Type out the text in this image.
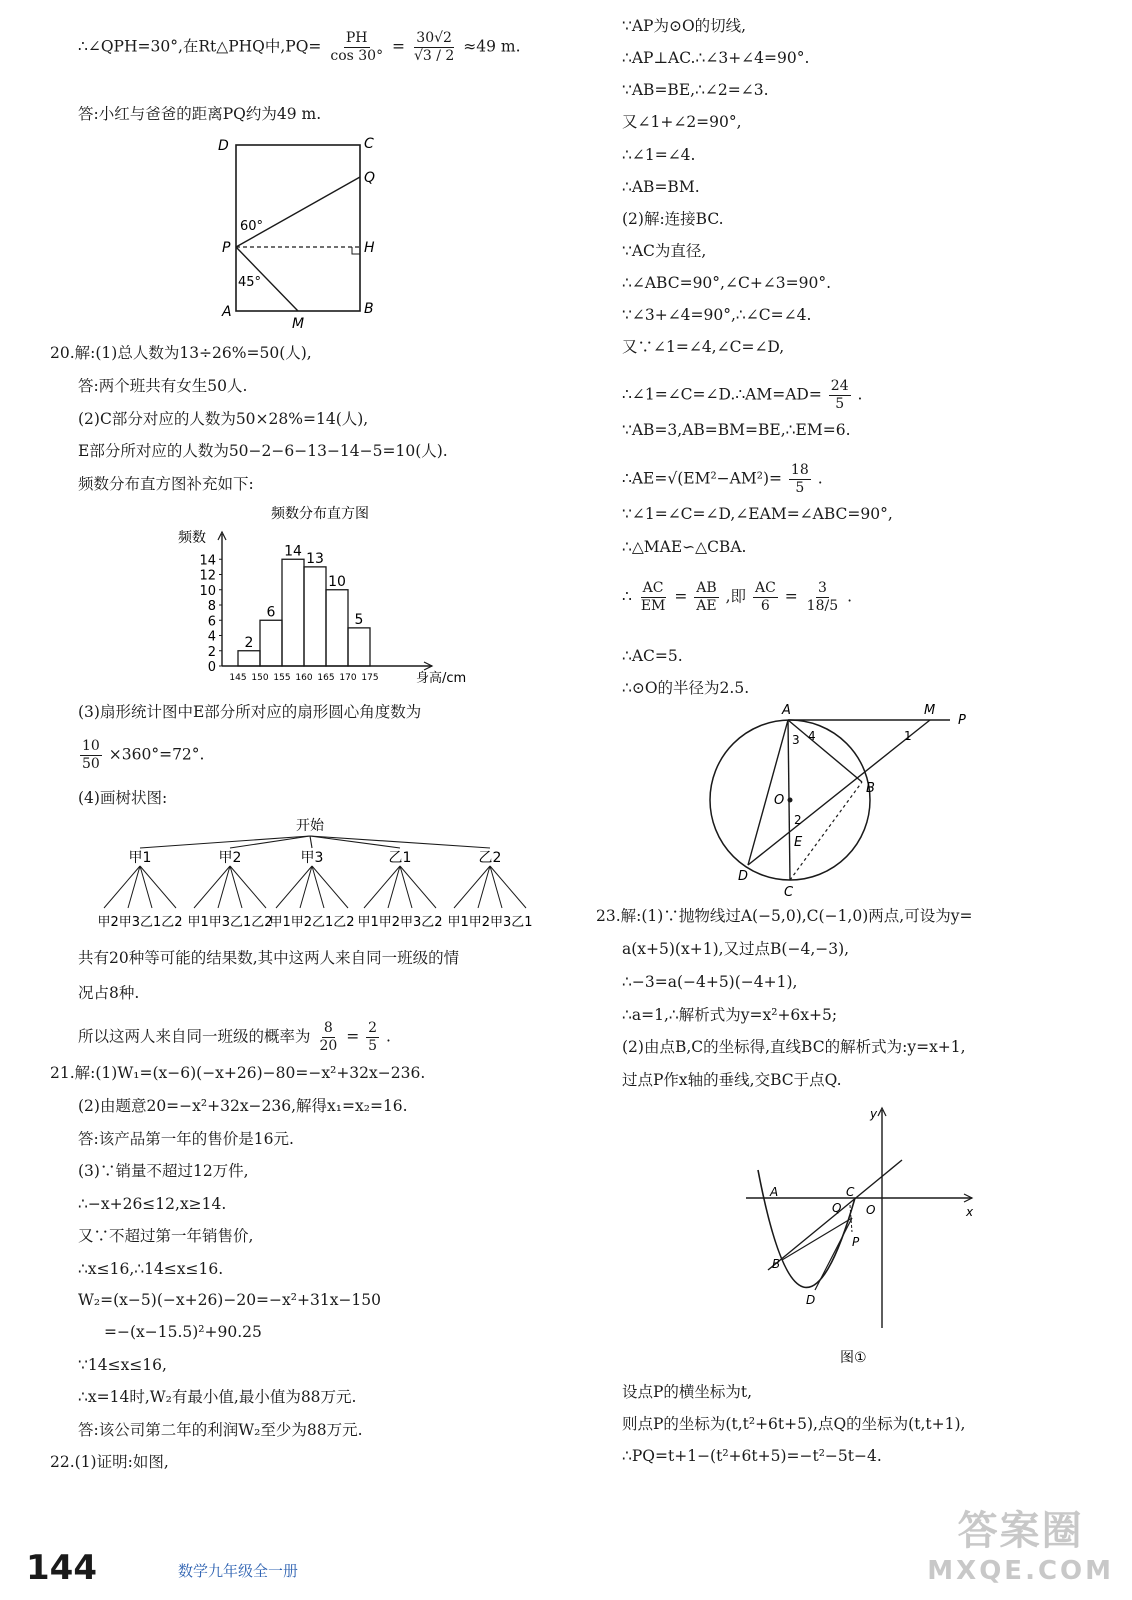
∴∠QPH=30°,在Rt△PHQ中$,PQ= \frac{PH}{\cos 30^\circ} = \frac{30√2}{√3 / 2} \approx 49$ m.
答:小红与爸爸的距离PQ约为49 m.
D	C
Q
P	H
A	B
M
60°
45°
20.解:(1)总人数为13÷26%=50(人),
答:两个班共有女生50人.
(2)C部分对应的人数为50×28%=14(人),
E部分所对应的人数为50−2−6−13−14−5=10(人).
频数分布直方图补充如下:
频数分布直方图
频数
身高/cm
0
2
4
6
8
10
12
14
2
6
14 13
10
5
145 150 155 160 165 170 175
(3)扇形统计图中E部分所对应的扇形圆心角度数为
$\frac{10}{50} \times 360^\circ=72^\circ$.
(4)画树状图:
开始
甲1
甲2甲3乙1乙2
甲2
甲1甲3乙1乙2
甲3
甲1甲2乙1乙2
乙1
甲1甲2甲3乙2
乙2
甲1甲2甲3乙1
共有20种等可能的结果数,其中这两人来自同一班级的情
况占8种.
所以这两人来自同一班级的概率为 $\frac{8}{20} = \frac{2}{5}$ .
21.解:(1)W₁=(x−6)(−x+26)−80=−x²+32x−236.
(2)由题意20=−x²+32x−236,解得x₁=x₂=16.
答:该产品第一年的售价是16元.
(3)∵销量不超过12万件,
∴−x+26≤12,x≥14.
又∵不超过第一年销售价,
∴x≤16,∴14≤x≤16.
W₂=(x−5)(−x+26)−20=−x²+31x−150
=−(x−15.5)²+90.25
∵14≤x≤16,
∴x=14时,W₂有最小值,最小值为88万元.
答:该公司第二年的利润W₂至少为88万元.
22.(1)证明:如图,
∵AP为⊙O的切线,
∴AP⊥AC.∴∠3+∠4=90°.
∵AB=BE,∴∠2=∠3.
又∠1+∠2=90°,
∴∠1=∠4.
∴AB=BM.
(2)解:连接BC.
∵AC为直径,
∴∠ABC=90°,∠C+∠3=90°.
∵∠3+∠4=90°,∴∠C=∠4.
又∵∠1=∠4,∠C=∠D,
∴∠1=∠C=∠D.∴AM=AD= $\frac{24}{5}$ .
∵AB=3,AB=BM=BE,∴EM=6.
∴AE=√(EM²−AM²)= $\frac{18}{5}$ .
∵∠1=∠C=∠D,∠EAM=∠ABC=90°,
∴△MAE∽△CBA.
∴ $\frac{AC}{EM} = \frac{AB}{AE}$ ,即 $\frac{AC}{6} = \frac{3}{18/5}$ .
∴AC=5.
∴⊙O的半径为2.5.
A	M
P
B
O
E
D
C
1
2
3 4
23.解:(1)∵抛物线过A(−5,0),C(−1,0)两点,可设为y=
a(x+5)(x+1),又过点B(−4,−3),
∴−3=a(−4+5)(−4+1),
∴a=1,∴解析式为y=x²+6x+5;
(2)由点B,C的坐标得,直线BC的解析式为:y=x+1,
过点P作x轴的垂线,交BC于点Q.
y
x
A	C
O
Q
P
B
D
图①
设点P的横坐标为t,
则点P的坐标为(t,t²+6t+5),点Q的坐标为(t,t+1),
∴PQ=t+1−(t²+6t+5)=−t²−5t−4.
144	数学九年级全一册
答案圈
MXQE.COM
